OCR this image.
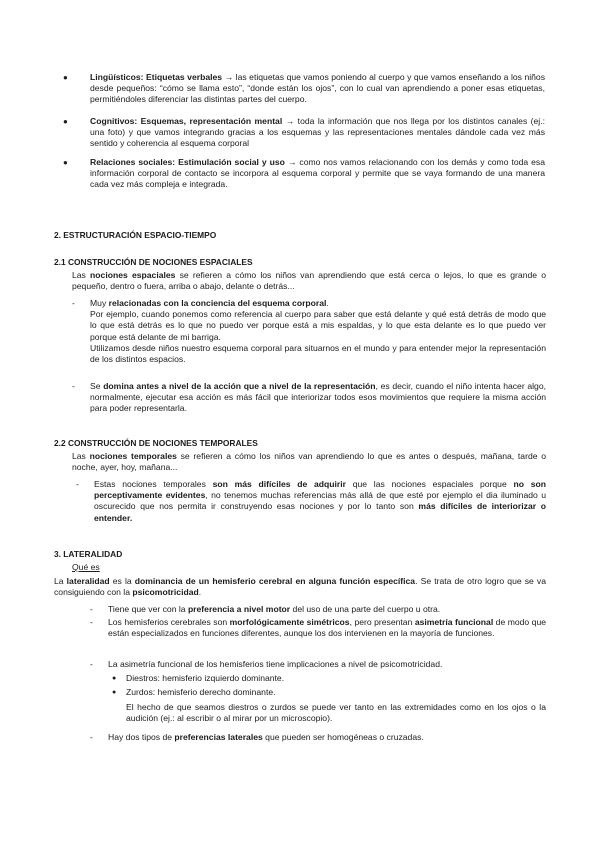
●	Lingüísticos: Etiquetas verbales → las etiquetas que vamos poniendo al cuerpo y que vamos enseñando a los niños desde pequeños: “cómo se llama esto”, “donde están los ojos”, con lo cual van aprendiendo a poner esas etiquetas, permitiéndoles diferenciar las distintas partes del cuerpo.
●	Cognitivos: Esquemas, representación mental → toda la información que nos llega por los distintos canales (ej.: una foto) y que vamos integrando gracias a los esquemas y las representaciones mentales dándole cada vez más sentido y coherencia al esquema corporal
●	Relaciones sociales: Estimulación social y uso → como nos vamos relacionando con los demás y como toda esa información corporal de contacto se incorpora al esquema corporal y permite que se vaya formando de una manera cada vez más compleja e integrada.
2. ESTRUCTURACIÓN ESPACIO-TIEMPO
2.1 CONSTRUCCIÓN DE NOCIONES ESPACIALES
Las nociones espaciales se refieren a cómo los niños van aprendiendo que está cerca o lejos, lo que es grande o pequeño, dentro o fuera, arriba o abajo, delante o detrás...
- Muy relacionadas con la conciencia del esquema corporal.
Por ejemplo, cuando ponemos como referencia al cuerpo para saber que está delante y qué está detrás de modo que lo que está detrás es lo que no puedo ver porque está a mis espaldas, y lo que esta delante es lo que puedo ver porque está delante de mi barriga.
Utilizamos desde niños nuestro esquema corporal para situarnos en el mundo y para entender mejor la representación de los distintos espacios.
-	Se domina antes a nivel de la acción que a nivel de la representación, es decir, cuando el niño intenta hacer algo, normalmente, ejecutar esa acción es más fácil que interiorizar todos esos movimientos que requiere la misma acción para poder representarla.
2.2 CONSTRUCCIÓN DE NOCIONES TEMPORALES
Las nociones temporales se refieren a cómo los niños van aprendiendo lo que es antes o después, mañana, tarde o noche, ayer, hoy, mañana...
-	Estas nociones temporales son más difíciles de adquirir que las nociones espaciales porque no son perceptivamente evidentes, no tenemos muchas referencias más allá de que esté por ejemplo el dia iluminado u oscurecido que nos permita ir construyendo esas nociones y por lo tanto son más difíciles de interiorizar o entender.
3. LATERALIDAD
Qué es
La lateralidad es la dominancia de un hemisferio cerebral en alguna función específica. Se trata de otro logro que se va consiguiendo con la psicomotricidad.
-	Tiene que ver con la preferencia a nivel motor del uso de una parte del cuerpo u otra.
-	Los hemisferios cerebrales son morfológicamente simétricos, pero presentan asimetría funcional de modo que están especializados en funciones diferentes, aunque los dos intervienen en la mayoría de funciones.
-	La asimetría funcional de los hemisferios tiene implicaciones a nivel de psicomotricidad.
● Diestros: hemisferio izquierdo dominante.
● Zurdos: hemisferio derecho dominante.
El hecho de que seamos diestros o zurdos se puede ver tanto en las extremidades como en los ojos o la audición (ej.: al escribir o al mirar por un microscopio).
-	Hay dos tipos de preferencias laterales que pueden ser homogéneas o cruzadas.
